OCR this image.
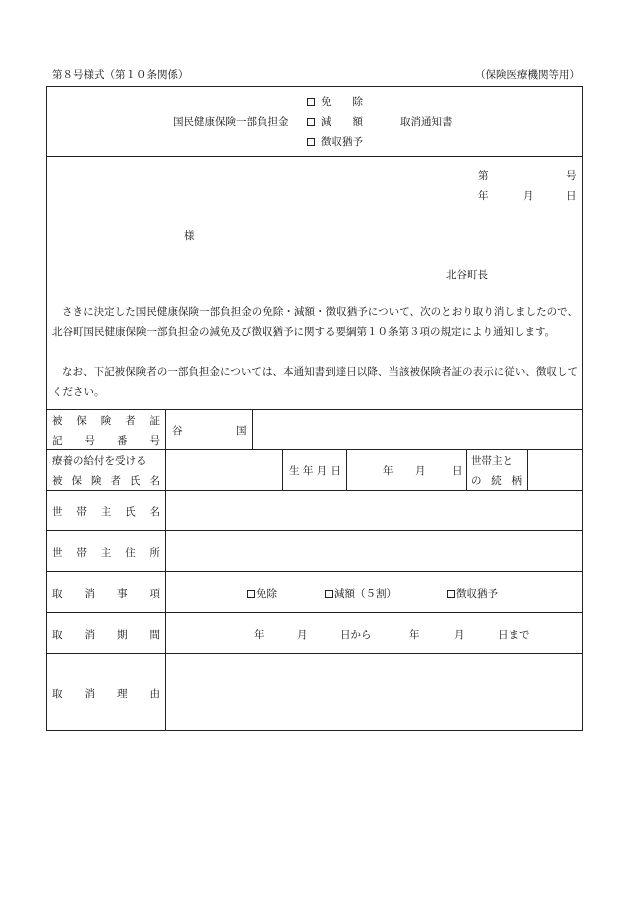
第８号様式（第１０条関係）	（保険医療機関等用）
国民健康保険一部負担金
免　　除
減　　額
徴収猶予
取消通知書
第	号
年	月	日
様
北谷町長
さきに決定した国民健康保険一部負担金の免除・減額・徴収猶予について、次のとおり取り消しましたので、北谷町国民健康保険一部負担金の減免及び徴収猶予に関する要綱第１０条第３項の規定により通知します。
なお、下記被保険者の一部負担金については、本通知書到達日以降、当該被保険者証の表示に従い、徴収してください。
被 保 険 者 証
記 号 番 号
谷	国
療養の給付を受ける
被 保 険 者 氏 名
生 年 月 日	年 月	日
世帯主と
の 続 柄
世 帯 主 氏 名
世 帯 主 住 所
取 消 事 項	免除	減額（５割）	徴収猶予
取 消 期 間	年	月	日から	年	月	日まで
取 消 理 由
